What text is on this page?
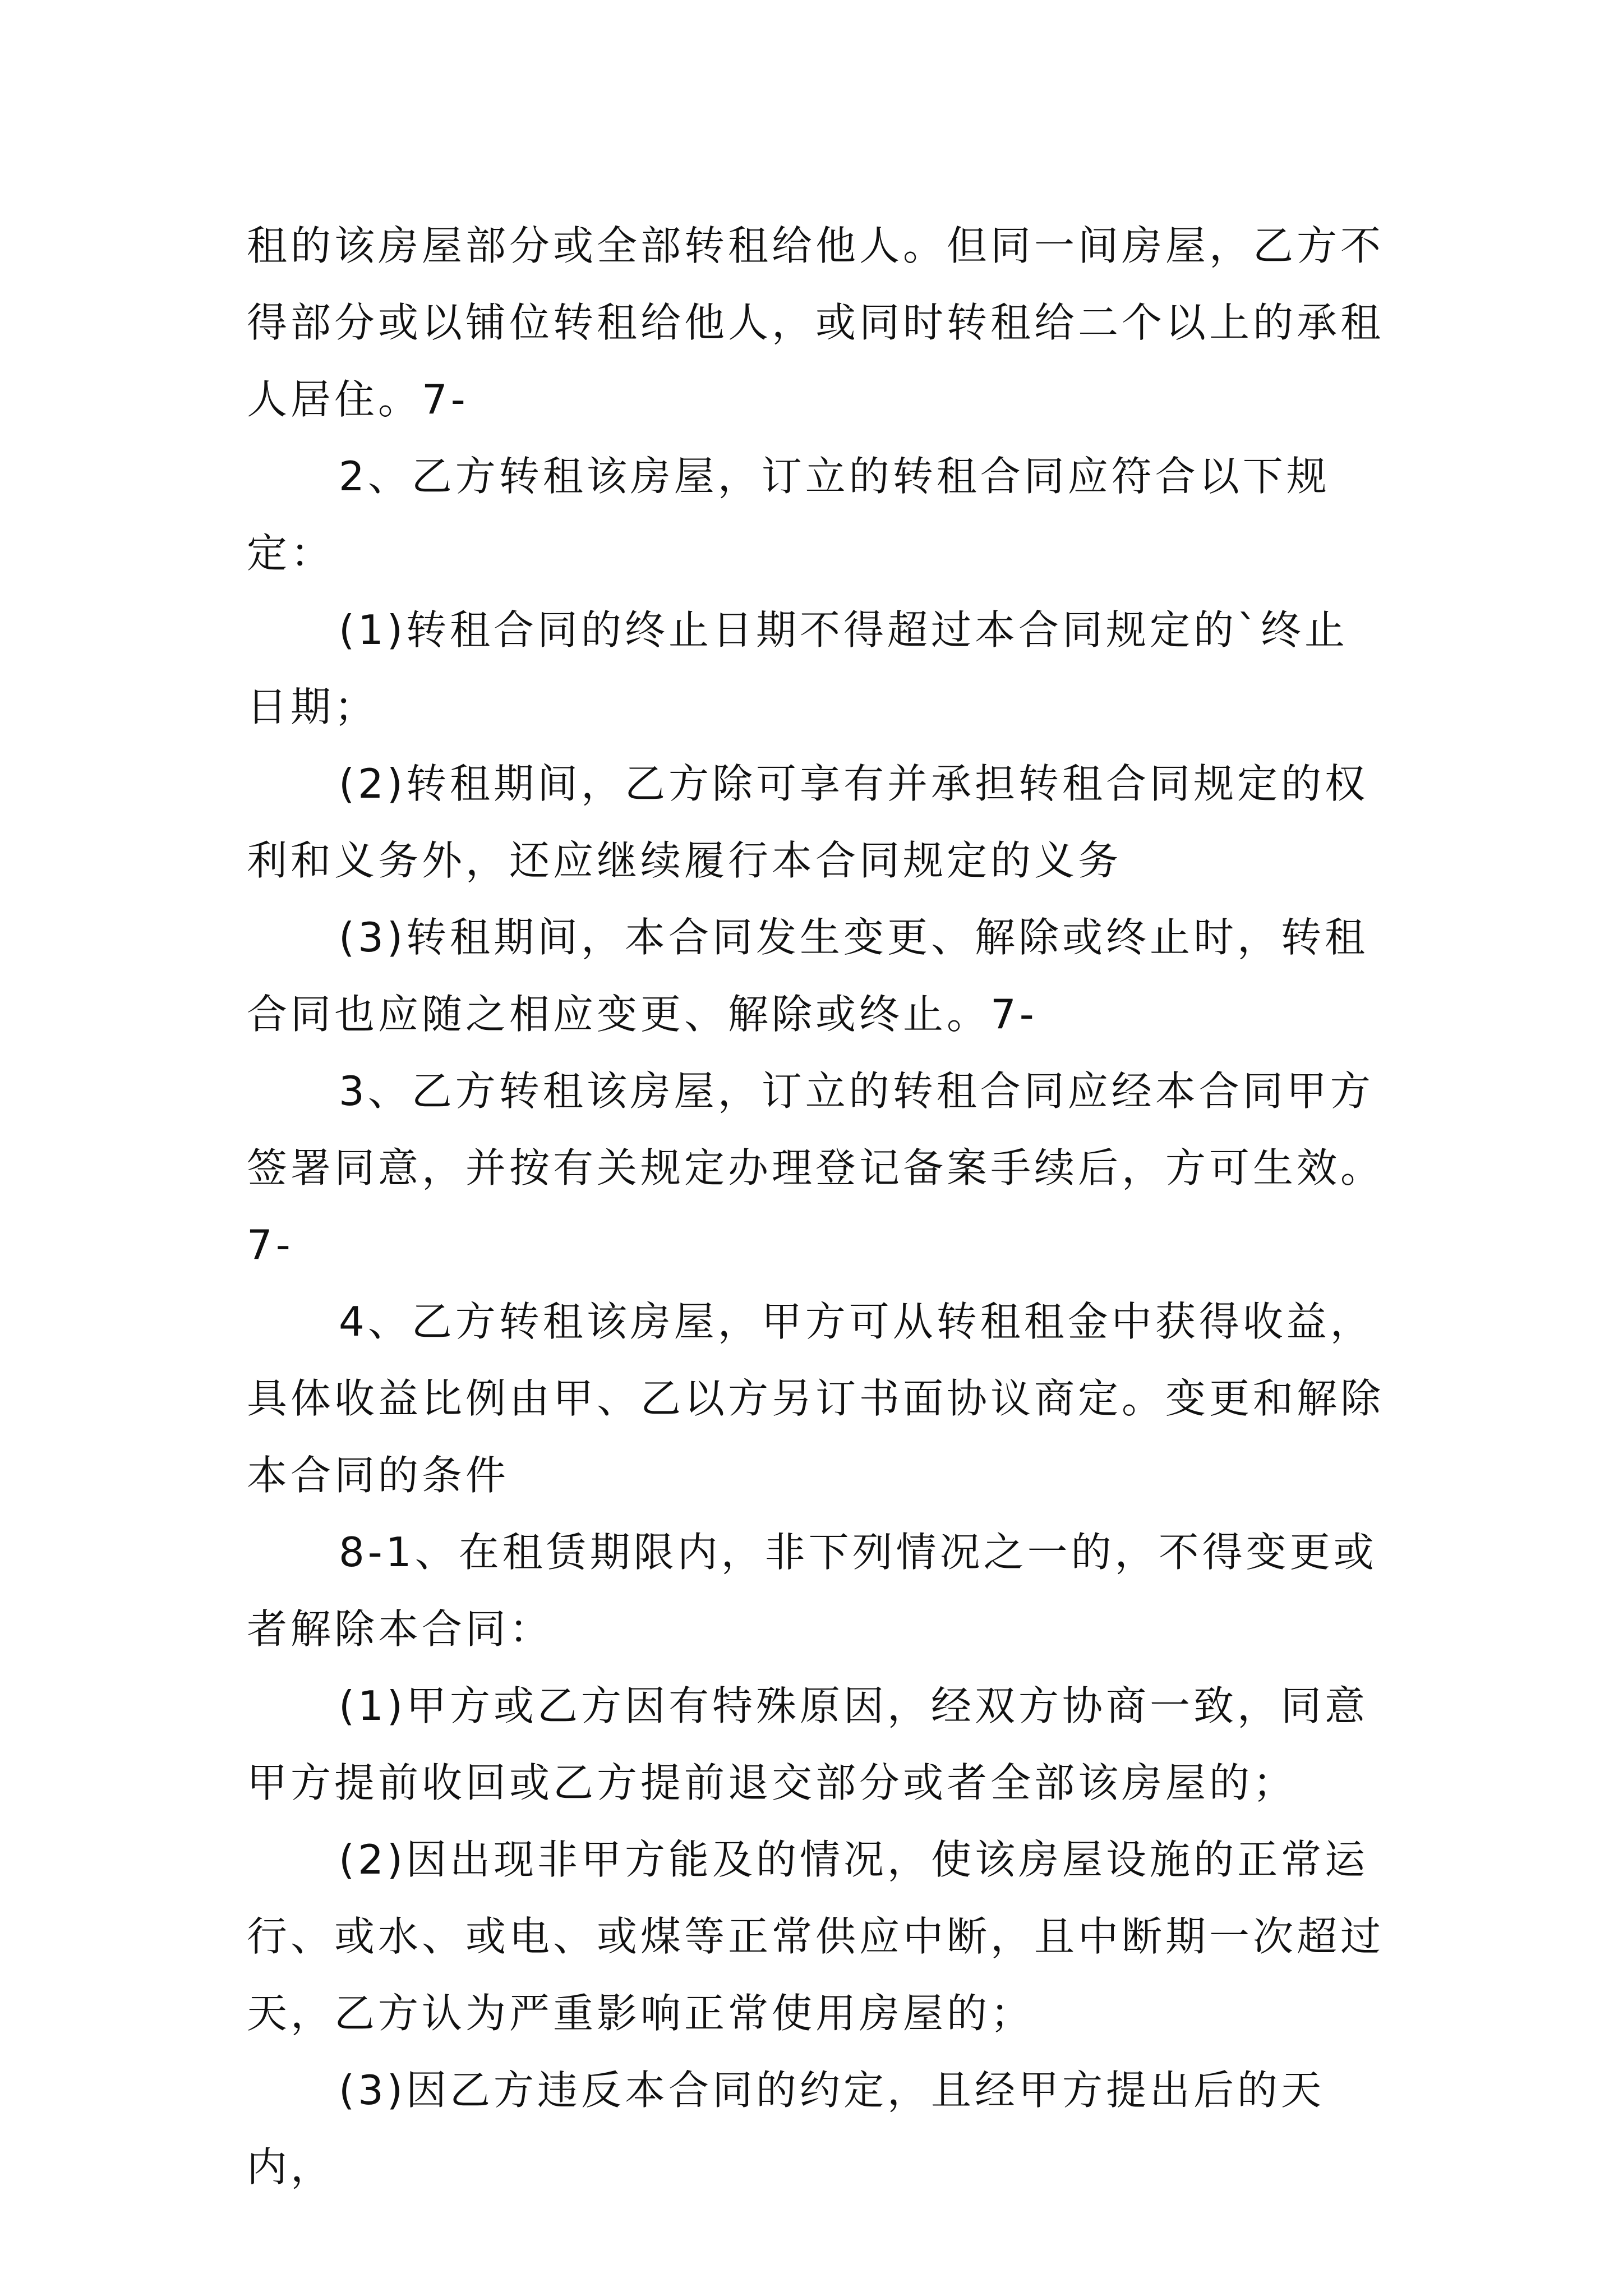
租的该房屋部分或全部转租给他人。但同一间房屋，乙方不得部分或以铺位转租给他人，或同时转租给二个以上的承租人居住。7-

2、乙方转租该房屋，订立的转租合同应符合以下规定：

(1)转租合同的终止日期不得超过本合同规定的`终止日期；

(2)转租期间，乙方除可享有并承担转租合同规定的权利和义务外，还应继续履行本合同规定的义务

(3)转租期间，本合同发生变更、解除或终止时，转租合同也应随之相应变更、解除或终止。7-

3、乙方转租该房屋，订立的转租合同应经本合同甲方签署同意，并按有关规定办理登记备案手续后，方可生效。7-

4、乙方转租该房屋，甲方可从转租租金中获得收益，具体收益比例由甲、乙以方另订书面协议商定。变更和解除本合同的条件

8-1、在租赁期限内，非下列情况之一的，不得变更或者解除本合同：

(1)甲方或乙方因有特殊原因，经双方协商一致，同意甲方提前收回或乙方提前退交部分或者全部该房屋的；

(2)因出现非甲方能及的情况，使该房屋设施的正常运行、或水、或电、或煤等正常供应中断，且中断期一次超过天，乙方认为严重影响正常使用房屋的；

(3)因乙方违反本合同的约定，且经甲方提出后的天内，
